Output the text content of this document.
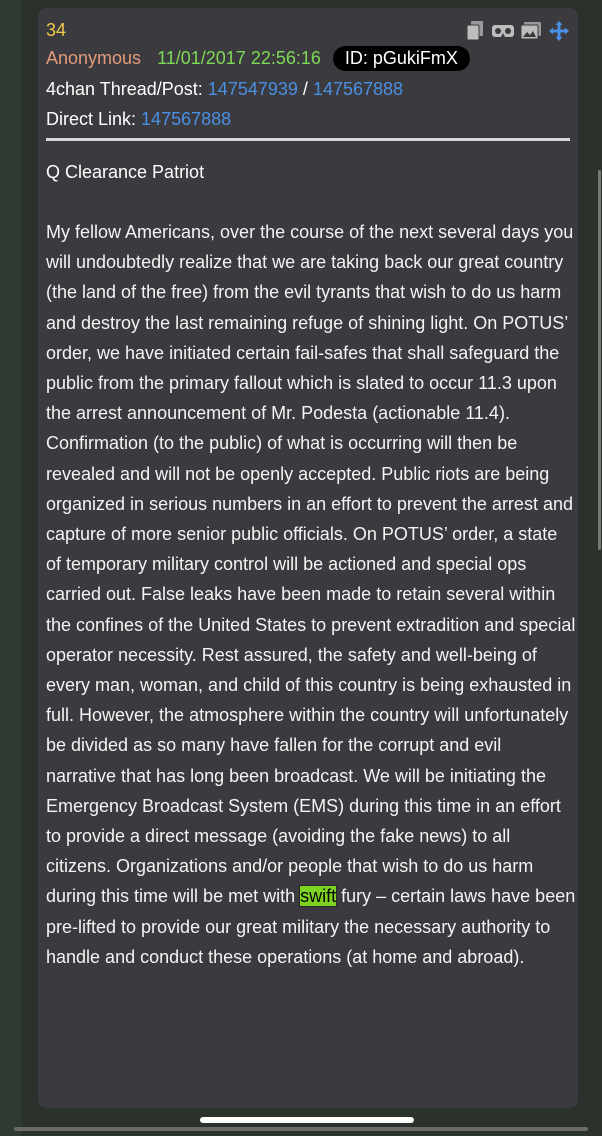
34
Anonymous 11/01/2017 22:56:16	ID: pGukiFmX
4chan Thread/Post: 147547939 / 147567888
Direct Link: 147567888
Q Clearance Patriot
My fellow Americans, over the course of the next several days you will undoubtedly realize that we are taking back our great country (the land of the free) from the evil tyrants that wish to do us harm and destroy the last remaining refuge of shining light. On POTUS’ order, we have initiated certain fail-safes that shall safeguard the public from the primary fallout which is slated to occur 11.3 upon the arrest announcement of Mr. Podesta (actionable 11.4). Confirmation (to the public) of what is occurring will then be revealed and will not be openly accepted. Public riots are being organized in serious numbers in an effort to prevent the arrest and capture of more senior public officials. On POTUS’ order, a state of temporary military control will be actioned and special ops carried out. False leaks have been made to retain several within the confines of the United States to prevent extradition and special operator necessity. Rest assured, the safety and well-being of every man, woman, and child of this country is being exhausted in full. However, the atmosphere within the country will unfortunately be divided as so many have fallen for the corrupt and evil narrative that has long been broadcast. We will be initiating the Emergency Broadcast System (EMS) during this time in an effort to provide a direct message (avoiding the fake news) to all citizens. Organizations and/or people that wish to do us harm during this time will be met with swift fury – certain laws have been pre-lifted to provide our great military the necessary authority to handle and conduct these operations (at home and abroad).
